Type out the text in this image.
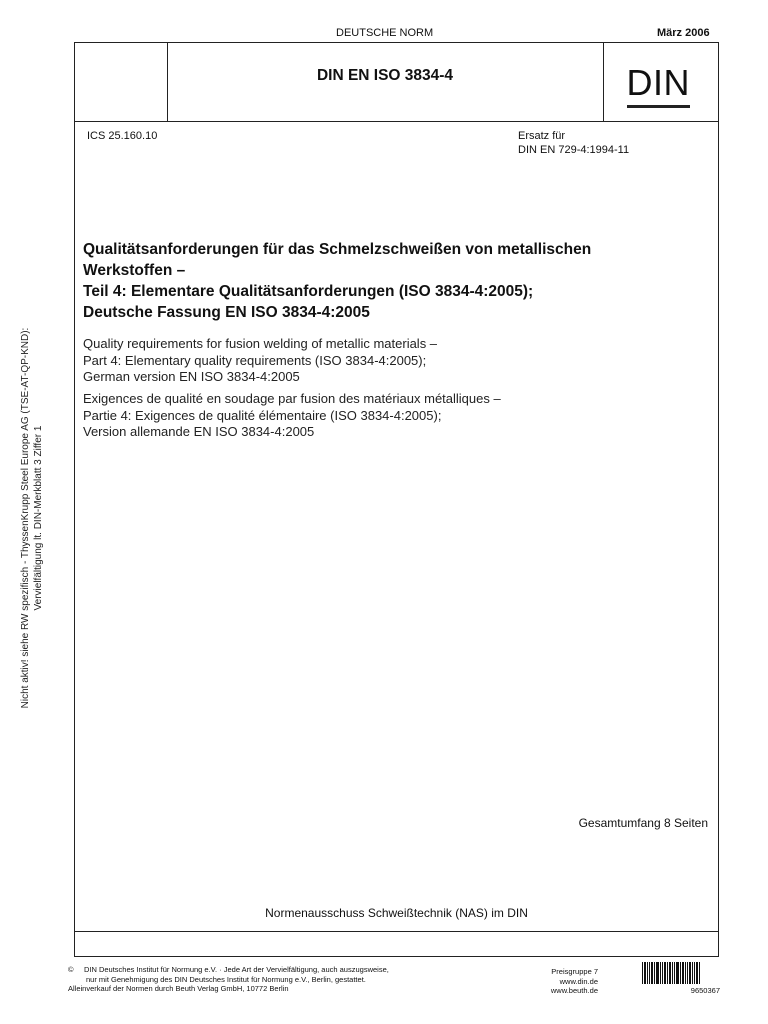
DEUTSCHE NORM	März 2006
Nicht aktiv! siehe RW spezifisch - ThyssenKrupp Steel Europe AG (TSE-AT-QP-KND): Vervielfältigung lt. DIN-Merkblatt 3 Ziffer 1
DIN EN ISO 3834-4	DIN
ICS 25.160.10	Ersatz für
DIN EN 729-4:1994-11
Qualitätsanforderungen für das Schmelzschweißen von metallischen
Werkstoffen –
Teil 4: Elementare Qualitätsanforderungen (ISO 3834-4:2005);
Deutsche Fassung EN ISO 3834-4:2005
Quality requirements for fusion welding of metallic materials –
Part 4: Elementary quality requirements (ISO 3834-4:2005);
German version EN ISO 3834-4:2005
Exigences de qualité en soudage par fusion des matériaux métalliques –
Partie 4: Exigences de qualité élémentaire (ISO 3834-4:2005);
Version allemande EN ISO 3834-4:2005
Gesamtumfang 8 Seiten
Normenausschuss Schweißtechnik (NAS) im DIN
© DIN Deutsches Institut für Normung e.V. · Jede Art der Vervielfältigung, auch auszugsweise,
nur mit Genehmigung des DIN Deutsches Institut für Normung e.V., Berlin, gestattet.
Alleinverkauf der Normen durch Beuth Verlag GmbH, 10772 Berlin
Preisgruppe 7
www.din.de
www.beuth.de	9650367
